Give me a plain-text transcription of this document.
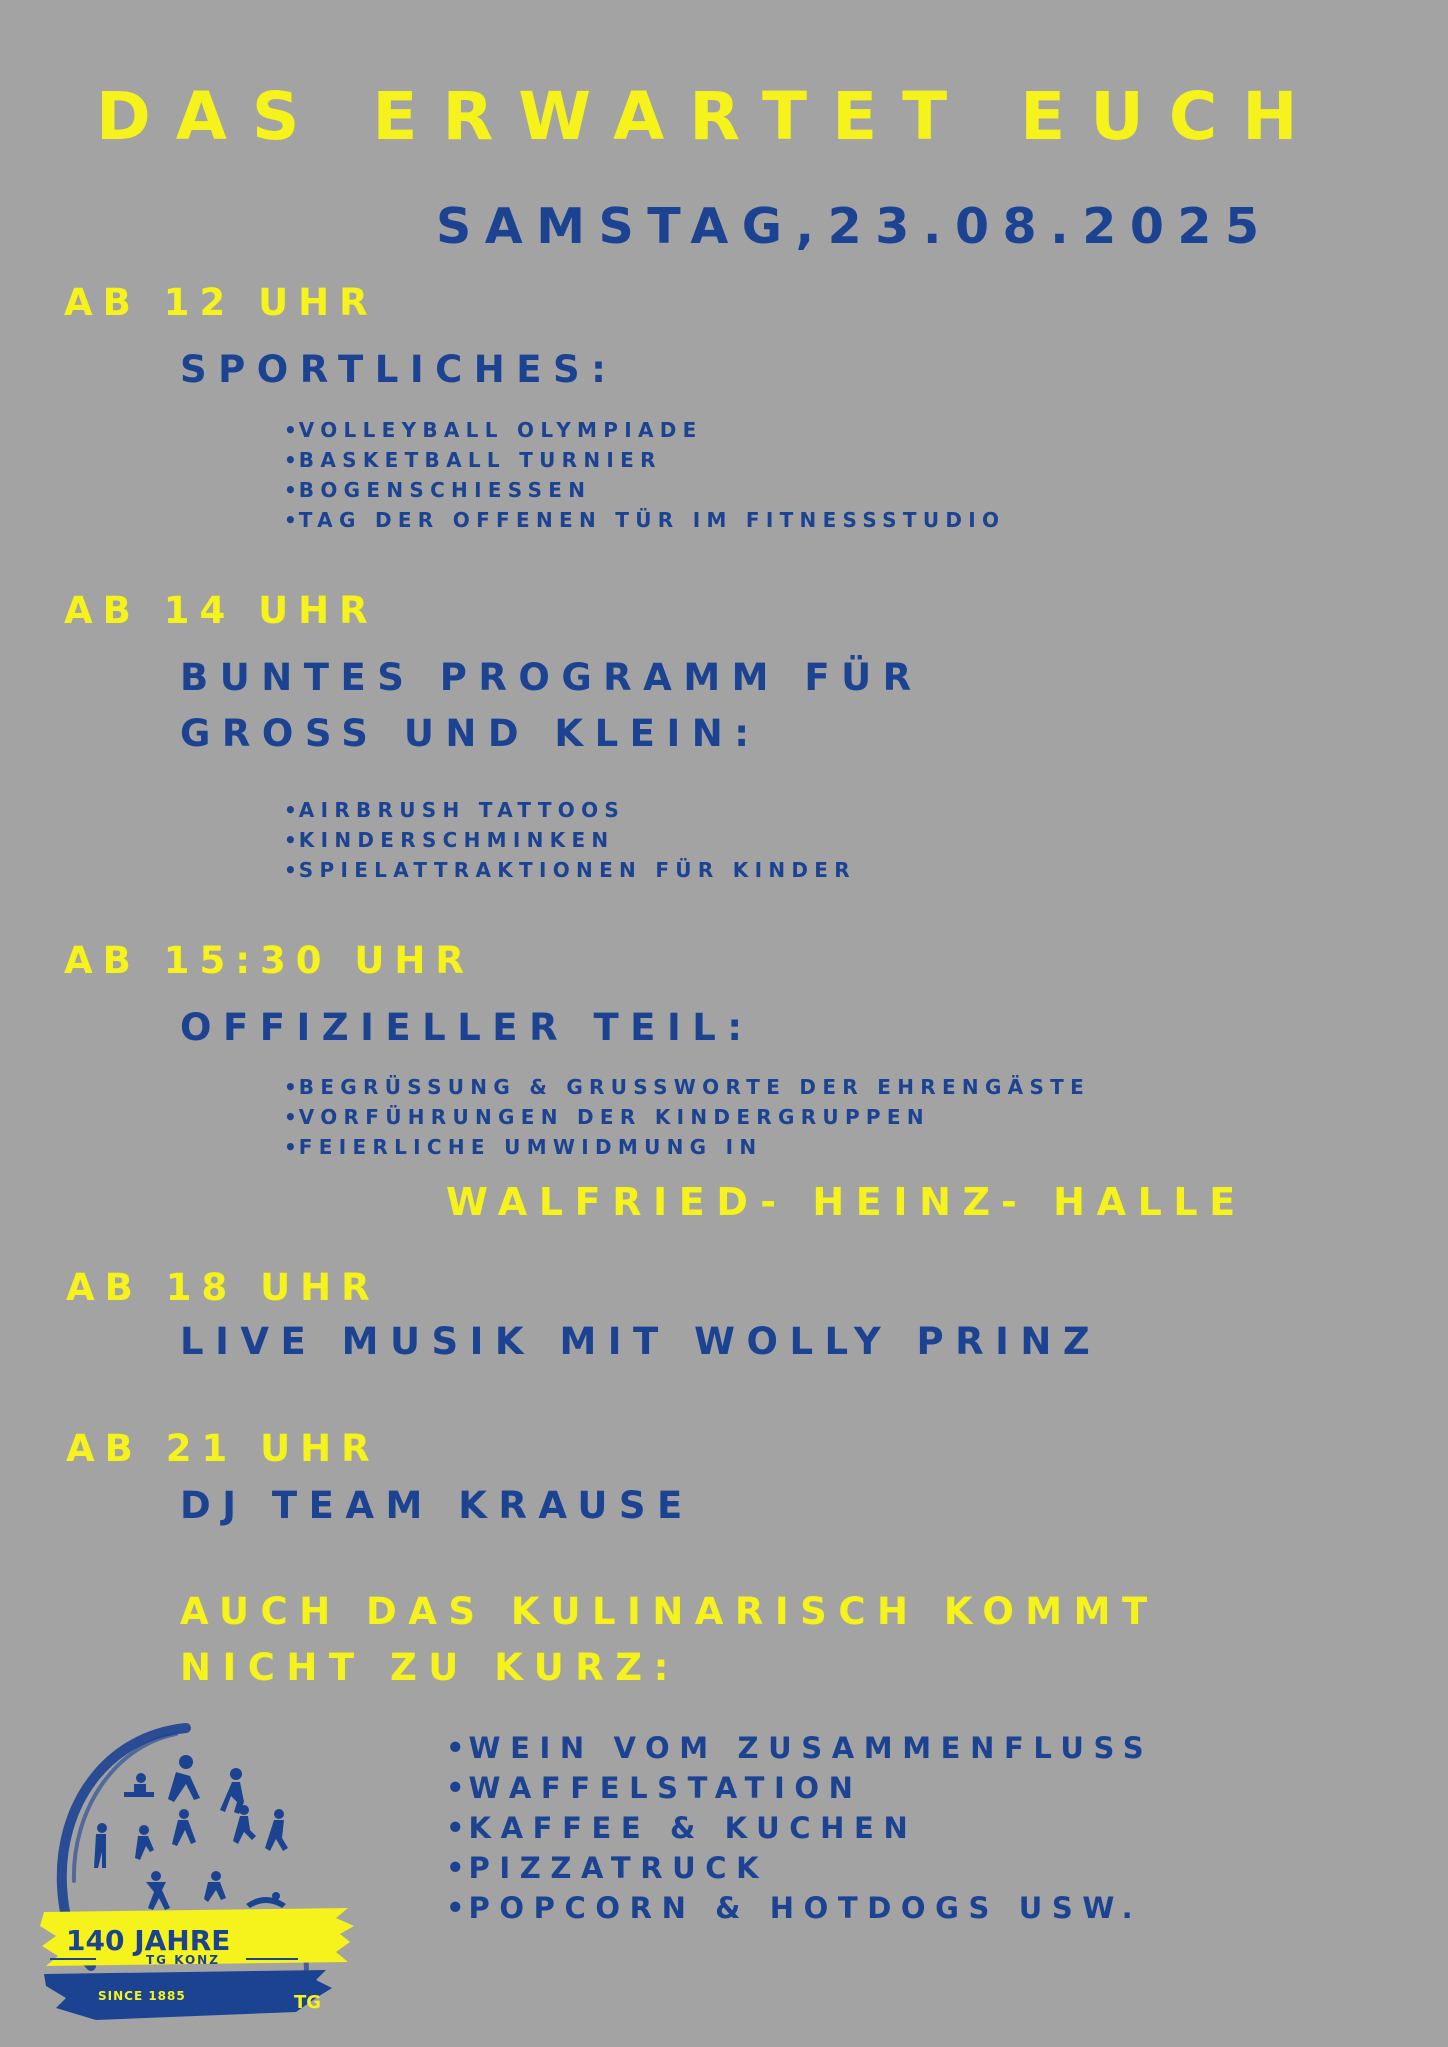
DAS ERWARTET EUCH
SAMSTAG,23.08.2025
AB 12 UHR
SPORTLICHES:
• VOLLEYBALL OLYMPIADE
• BASKETBALL TURNIER
• BOGENSCHIESSEN
• TAG DER OFFENEN TÜR IM FITNESSSTUDIO
AB 14 UHR
BUNTES PROGRAMM FÜR
GROSS UND KLEIN:
• AIRBRUSH TATTOOS
• KINDERSCHMINKEN
• SPIELATTRAKTIONEN FÜR KINDER
AB 15:30 UHR
OFFIZIELLER TEIL:
• BEGRÜSSUNG & GRUSSWORTE DER EHRENGÄSTE
• VORFÜHRUNGEN DER KINDERGRUPPEN
• FEIERLICHE UMWIDMUNG IN
WALFRIED- HEINZ- HALLE
AB 18 UHR
LIVE MUSIK MIT WOLLY PRINZ
AB 21 UHR
DJ TEAM KRAUSE
AUCH DAS KULINARISCH KOMMT
NICHT ZU KURZ:
• WEIN VOM ZUSAMMENFLUSS
• WAFFELSTATION
• KAFFEE & KUCHEN
• PIZZATRUCK
• POPCORN & HOTDOGS USW.
140 JAHRE
TG KONZ
SINCE 1885	TG
